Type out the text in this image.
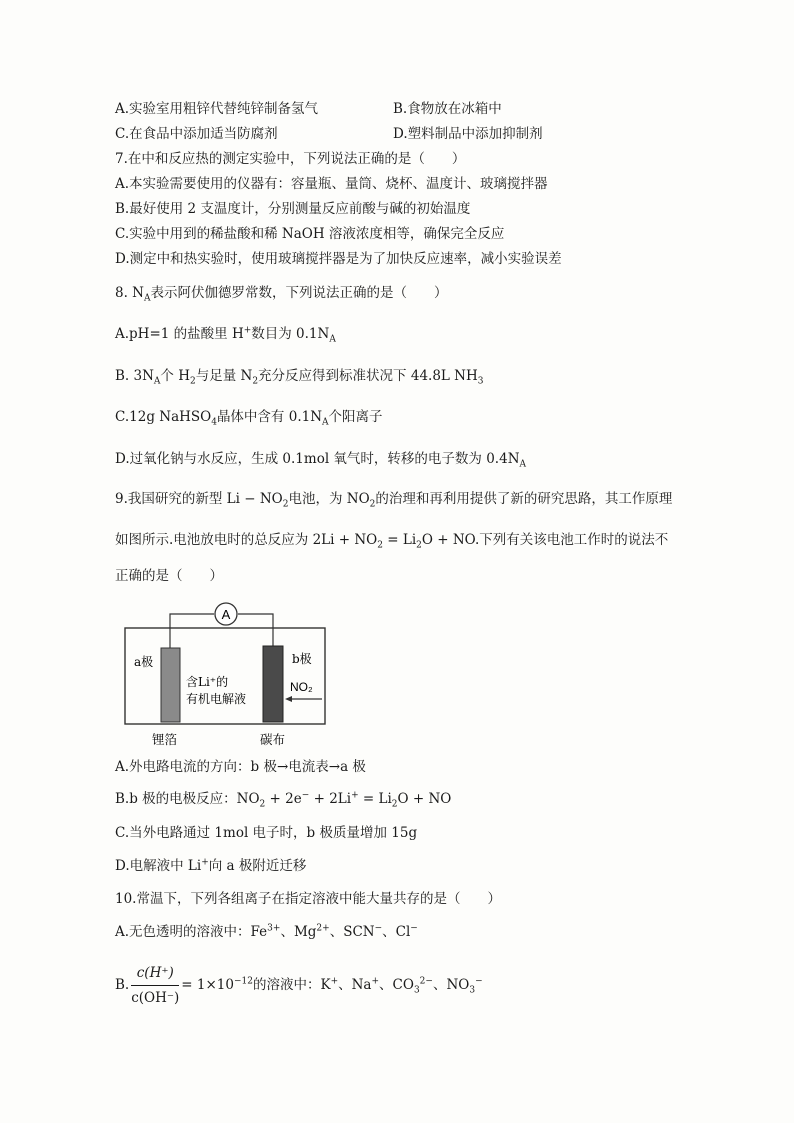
A.实验室用粗锌代替纯锌制备氢气	B.食物放在冰箱中
C.在食品中添加适当防腐剂	D.塑料制品中添加抑制剂
7.在中和反应热的测定实验中，下列说法正确的是（　　）
A.本实验需要使用的仪器有：容量瓶、量筒、烧杯、温度计、玻璃搅拌器
B.最好使用 2 支温度计，分别测量反应前酸与碱的初始温度
C.实验中用到的稀盐酸和稀 NaOH 溶液浓度相等，确保完全反应
D.测定中和热实验时，使用玻璃搅拌器是为了加快反应速率，减小实验误差
8. $N_A$表示阿伏伽德罗常数，下列说法正确的是（　　）
A.pH=1 的盐酸里 H+数目为 $0.1N_A$
B. $3N_A$个 $H_2$与足量 $N_2$充分反应得到标准状况下 44.8L $NH_3$
C.12g NaHSO$_4$晶体中含有 $0.1N_A$个阳离子
D.过氧化钠与水反应，生成 0.1mol 氧气时，转移的电子数为 $0.4N_A$
9.我国研究的新型 $Li - NO_2$电池，为 $NO_2$的治理和再利用提供了新的研究思路，其工作原理
如图所示.电池放电时的总反应为 $2Li + NO_2 = Li_2O$ + NO.下列有关该电池工作时的说法不
正确的是（　　）
A
a极	b极
含Li⁺的
有机电解液
NO₂
锂箔	碳布
A.外电路电流的方向：b 极→电流表→a 极
B.b 极的电极反应：$NO_2 + 2e^- + 2Li^+ = Li_2O$ + NO
C.当外电路通过 1mol 电子时，b 极质量增加 15g
D.电解液中 Li+向 a 极附近迁移
10.常温下，下列各组离子在指定溶液中能大量共存的是（　　）
A.无色透明的溶液中：$Fe^{3+}$、$Mg^{2+}$、SCN−、Cl−
B. $\frac{c(H^+)}{c(OH^-)} = 1\times 10^{-12}$的溶液中：K+、Na+、$CO_3^{2-}$、$NO_3^-$
